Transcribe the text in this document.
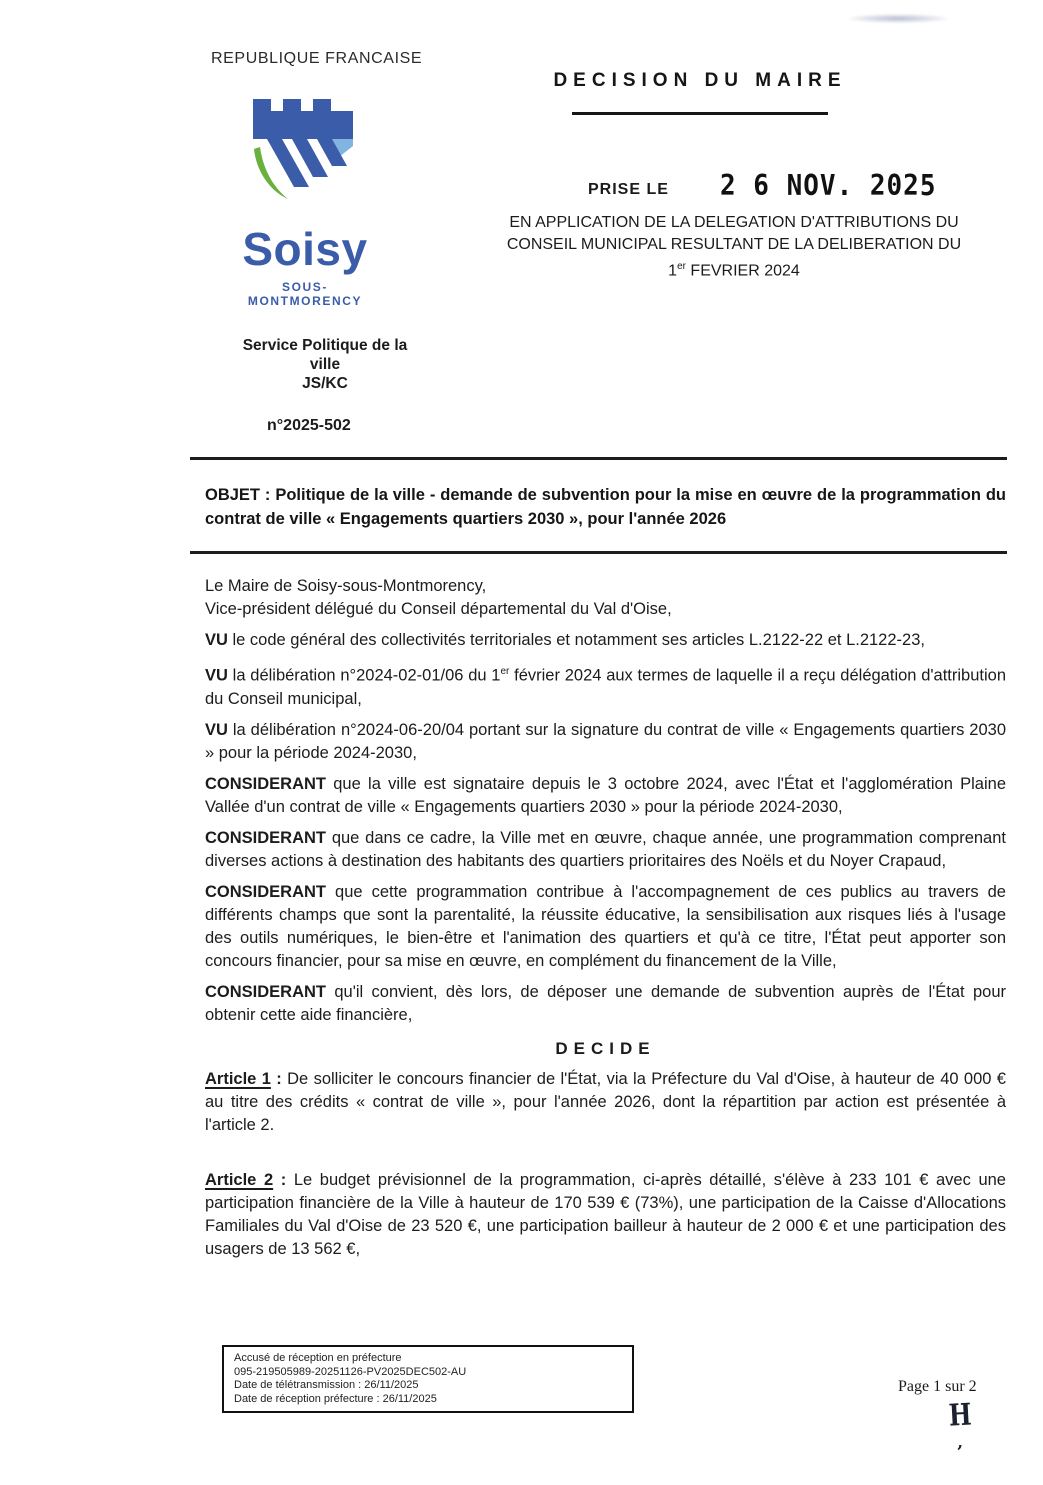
REPUBLIQUE FRANCAISE
Soisy
SOUS-MONTMORENCY
DECISION DU MAIRE
PRISE LE 2 6 NOV. 2025
EN APPLICATION DE LA DELEGATION D'ATTRIBUTIONS DU
CONSEIL MUNICIPAL RESULTANT DE LA DELIBERATION DU
1er FEVRIER 2024
Service Politique de la
ville
JS/KC
n°2025-502
OBJET : Politique de la ville - demande de subvention pour la mise en œuvre de la programmation du contrat de ville « Engagements quartiers 2030 », pour l'année 2026
Le Maire de Soisy-sous-Montmorency,
Vice-président délégué du Conseil départemental du Val d'Oise,

VU le code général des collectivités territoriales et notamment ses articles L.2122-22 et L.2122-23,

VU la délibération n°2024-02-01/06 du 1er février 2024 aux termes de laquelle il a reçu délégation d'attribution du Conseil municipal,

VU la délibération n°2024-06-20/04 portant sur la signature du contrat de ville « Engagements quartiers 2030 » pour la période 2024-2030,

CONSIDERANT que la ville est signataire depuis le 3 octobre 2024, avec l'État et l'agglomération Plaine Vallée d'un contrat de ville « Engagements quartiers 2030 » pour la période 2024-2030,

CONSIDERANT que dans ce cadre, la Ville met en œuvre, chaque année, une programmation comprenant diverses actions à destination des habitants des quartiers prioritaires des Noëls et du Noyer Crapaud,

CONSIDERANT que cette programmation contribue à l'accompagnement de ces publics au travers de différents champs que sont la parentalité, la réussite éducative, la sensibilisation aux risques liés à l'usage des outils numériques, le bien-être et l'animation des quartiers et qu'à ce titre, l'État peut apporter son concours financier, pour sa mise en œuvre, en complément du financement de la Ville,

CONSIDERANT qu'il convient, dès lors, de déposer une demande de subvention auprès de l'État pour obtenir cette aide financière,

DECIDE

Article 1 : De solliciter le concours financier de l'État, via la Préfecture du Val d'Oise, à hauteur de 40 000 € au titre des crédits « contrat de ville », pour l'année 2026, dont la répartition par action est présentée à l'article 2.

Article 2 : Le budget prévisionnel de la programmation, ci-après détaillé, s'élève à 233 101 € avec une participation financière de la Ville à hauteur de 170 539 € (73%), une participation de la Caisse d'Allocations Familiales du Val d'Oise de 23 520 €, une participation bailleur à hauteur de 2 000 € et une participation des usagers de 13 562 €,

Accusé de réception en préfecture
095-219505989-20251126-PV2025DEC502-AU
Date de télétransmission : 26/11/2025
Date de réception préfecture : 26/11/2025
Page 1 sur 2
H
‚
